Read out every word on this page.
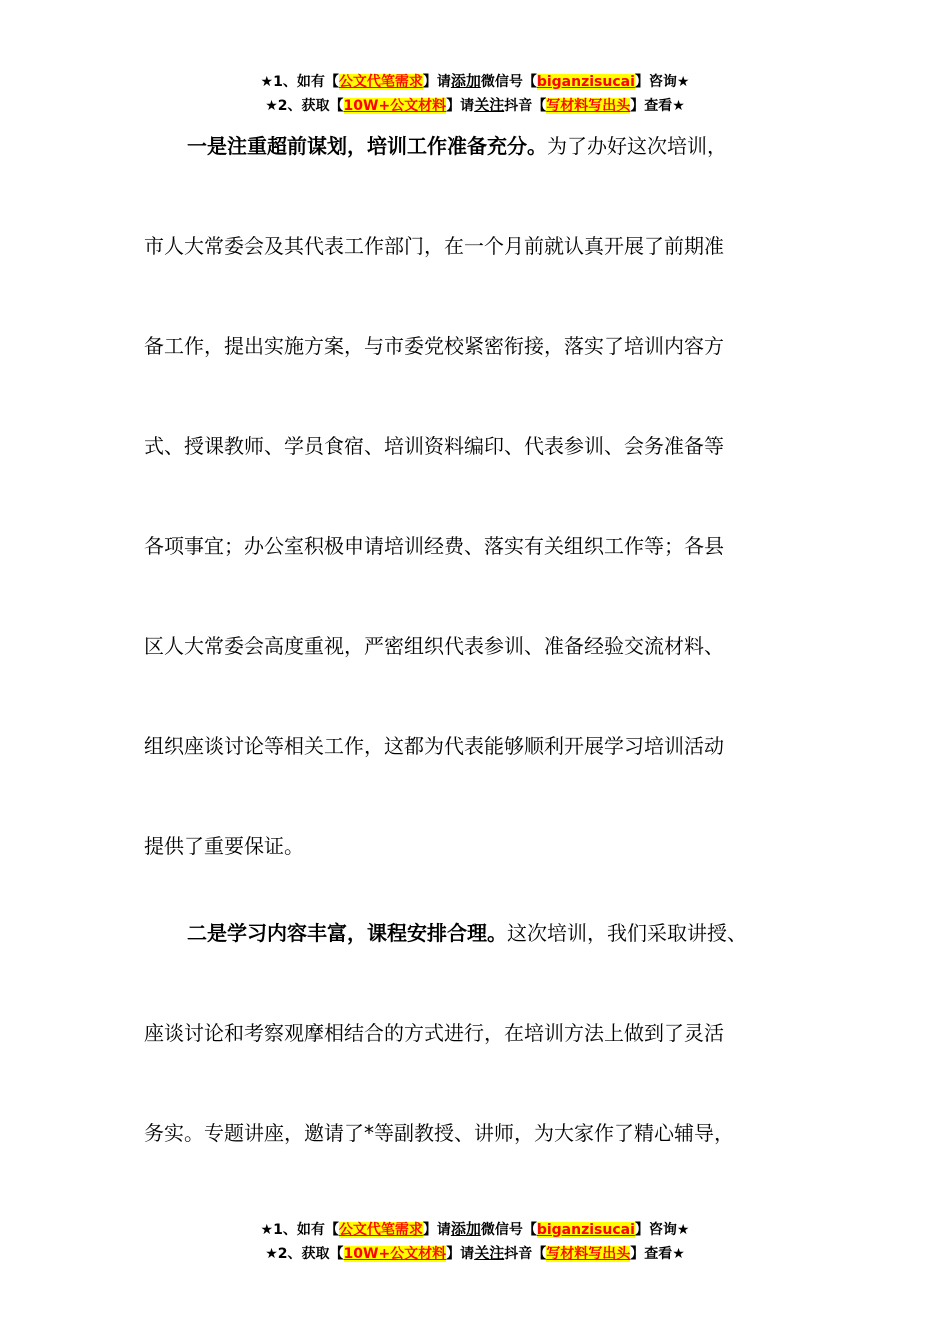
★1、如有【公文代笔需求】请添加微信号【biganzisucai】咨询★
★2、获取【10W+公文材料】请关注抖音【写材料写出头】查看★
一是注重超前谋划，培训工作准备充分。为了办好这次培训，
市人大常委会及其代表工作部门，在一个月前就认真开展了前期准
备工作，提出实施方案，与市委党校紧密衔接，落实了培训内容方
式、授课教师、学员食宿、培训资料编印、代表参训、会务准备等
各项事宜；办公室积极申请培训经费、落实有关组织工作等；各县
区人大常委会高度重视，严密组织代表参训、准备经验交流材料、
组织座谈讨论等相关工作，这都为代表能够顺利开展学习培训活动
提供了重要保证。
二是学习内容丰富，课程安排合理。这次培训，我们采取讲授、
座谈讨论和考察观摩相结合的方式进行，在培训方法上做到了灵活
务实。专题讲座，邀请了*等副教授、讲师，为大家作了精心辅导，
★1、如有【公文代笔需求】请添加微信号【biganzisucai】咨询★
★2、获取【10W+公文材料】请关注抖音【写材料写出头】查看★
